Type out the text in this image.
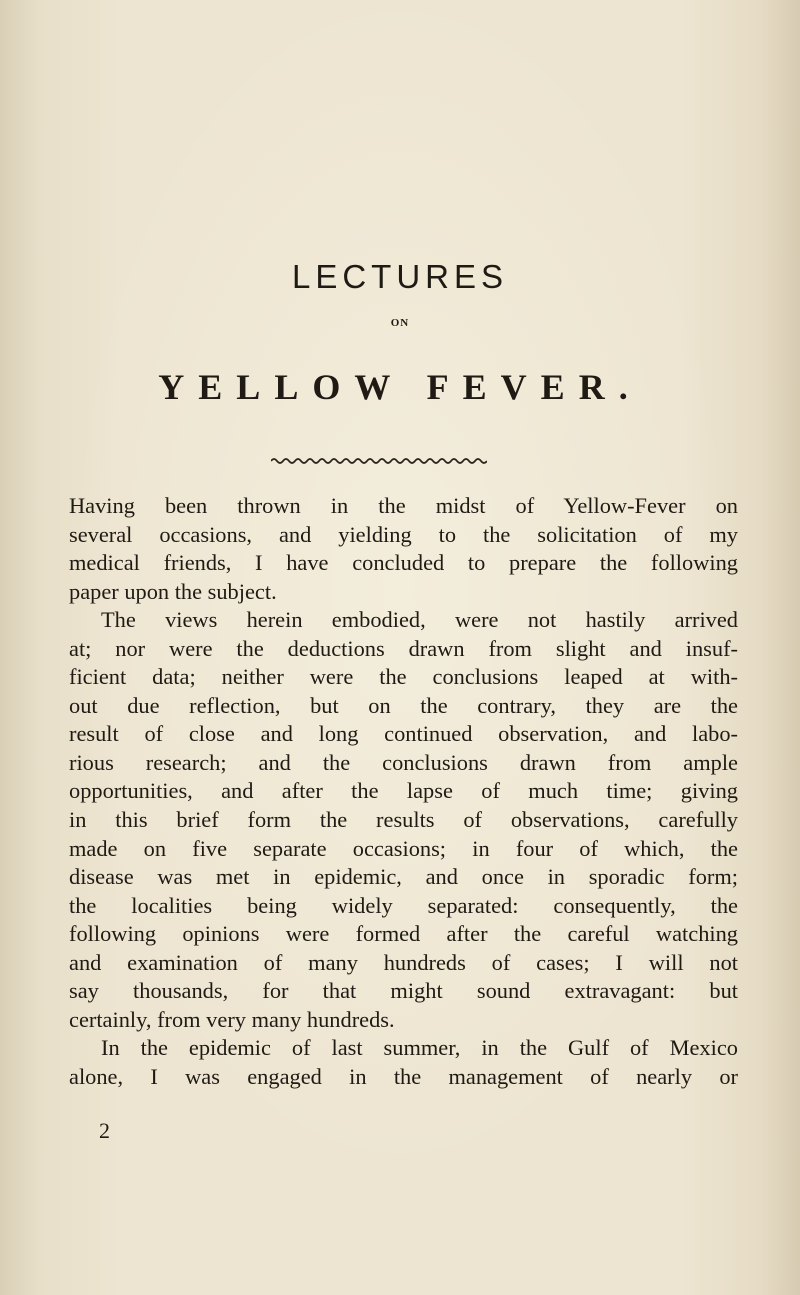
LECTURES
ON
YELLOW FEVER.
Having been thrown in the midst of Yellow-Fever on
several occasions, and yielding to the solicitation of my
medical friends, I have concluded to prepare the following
paper upon the subject.
The views herein embodied, were not hastily arrived
at; nor were the deductions drawn from slight and insuf-
ficient data; neither were the conclusions leaped at with-
out due reflection, but on the contrary, they are the
result of close and long continued observation, and labo-
rious research; and the conclusions drawn from ample
opportunities, and after the lapse of much time; giving
in this brief form the results of observations, carefully
made on five separate occasions; in four of which, the
disease was met in epidemic, and once in sporadic form;
the localities being widely separated: consequently, the
following opinions were formed after the careful watching
and examination of many hundreds of cases; I will not
say thousands, for that might sound extravagant: but
certainly, from very many hundreds.
In the epidemic of last summer, in the Gulf of Mexico
alone, I was engaged in the management of nearly or
2
